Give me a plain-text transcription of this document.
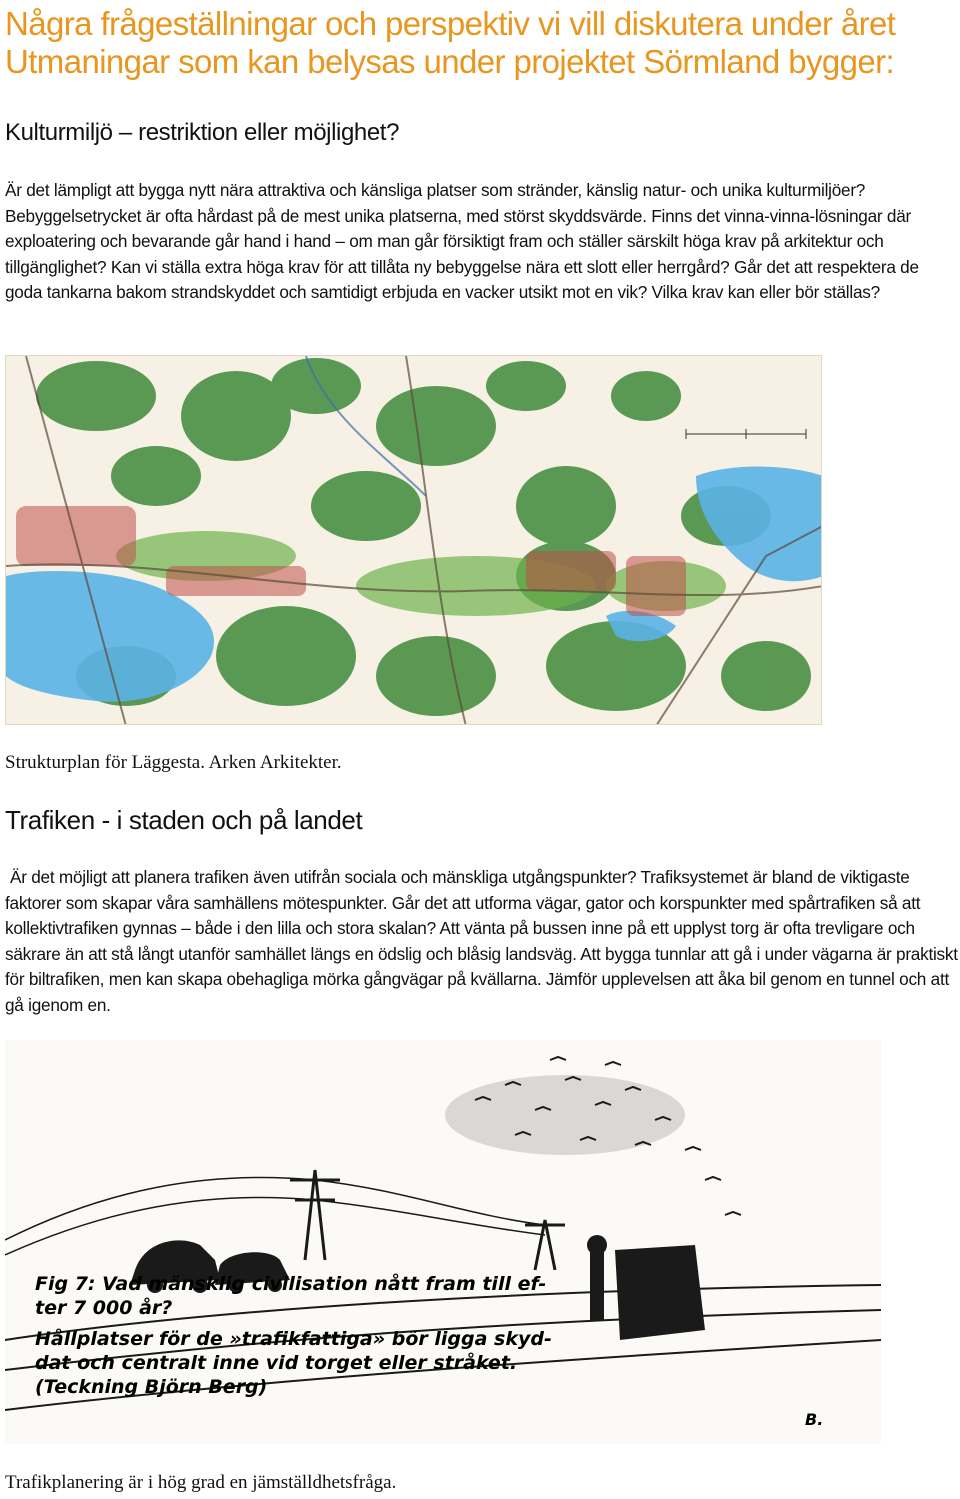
Några frågeställningar och perspektiv vi vill diskutera under året
Utmaningar som kan belysas under projektet Sörmland bygger:
Kulturmiljö – restriktion eller möjlighet?

Är det lämpligt att bygga nytt nära attraktiva och känsliga platser som stränder, känslig natur- och unika kulturmiljöer? Bebyggelsetrycket är ofta hårdast på de mest unika platserna, med störst skyddsvärde. Finns det vinna-vinna-lösningar där exploatering och bevarande går hand i hand – om man går försiktigt fram och ställer särskilt höga krav på arkitektur och tillgänglighet? Kan vi ställa extra höga krav för att tillåta ny bebyggelse nära ett slott eller herrgård? Går det att respektera de goda tankarna bakom strandskyddet och samtidigt erbjuda en vacker utsikt mot en vik? Vilka krav kan eller bör ställas?

Strukturplan för Läggesta. Arken Arkitekter.
Trafiken - i staden och på landet

Är det möjligt att planera trafiken även utifrån sociala och mänskliga utgångspunkter? Trafiksystemet är bland de viktigaste faktorer som skapar våra samhällens mötespunkter. Går det att utforma vägar, gator och korspunkter med spårtrafiken så att kollektivtrafiken gynnas – både i den lilla och stora skalan? Att vänta på bussen inne på ett upplyst torg är ofta trevligare och säkrare än att stå långt utanför samhället längs en ödslig och blåsig landsväg. Att bygga tunnlar att gå i under vägarna är praktiskt för biltrafiken, men kan skapa obehagliga mörka gångvägar på kvällarna. Jämför upplevelsen att åka bil genom en tunnel och att gå igenom en.

Fig 7: Vad mänsklig civilisation nått fram till ef-
ter 7 000 år?
Hållplatser för de »trafikfattiga» bör ligga skyd-
dat och centralt inne vid torget eller stråket.
(Teckning Björn Berg)
B.
Trafikplanering är i hög grad en jämställdhetsfråga.
